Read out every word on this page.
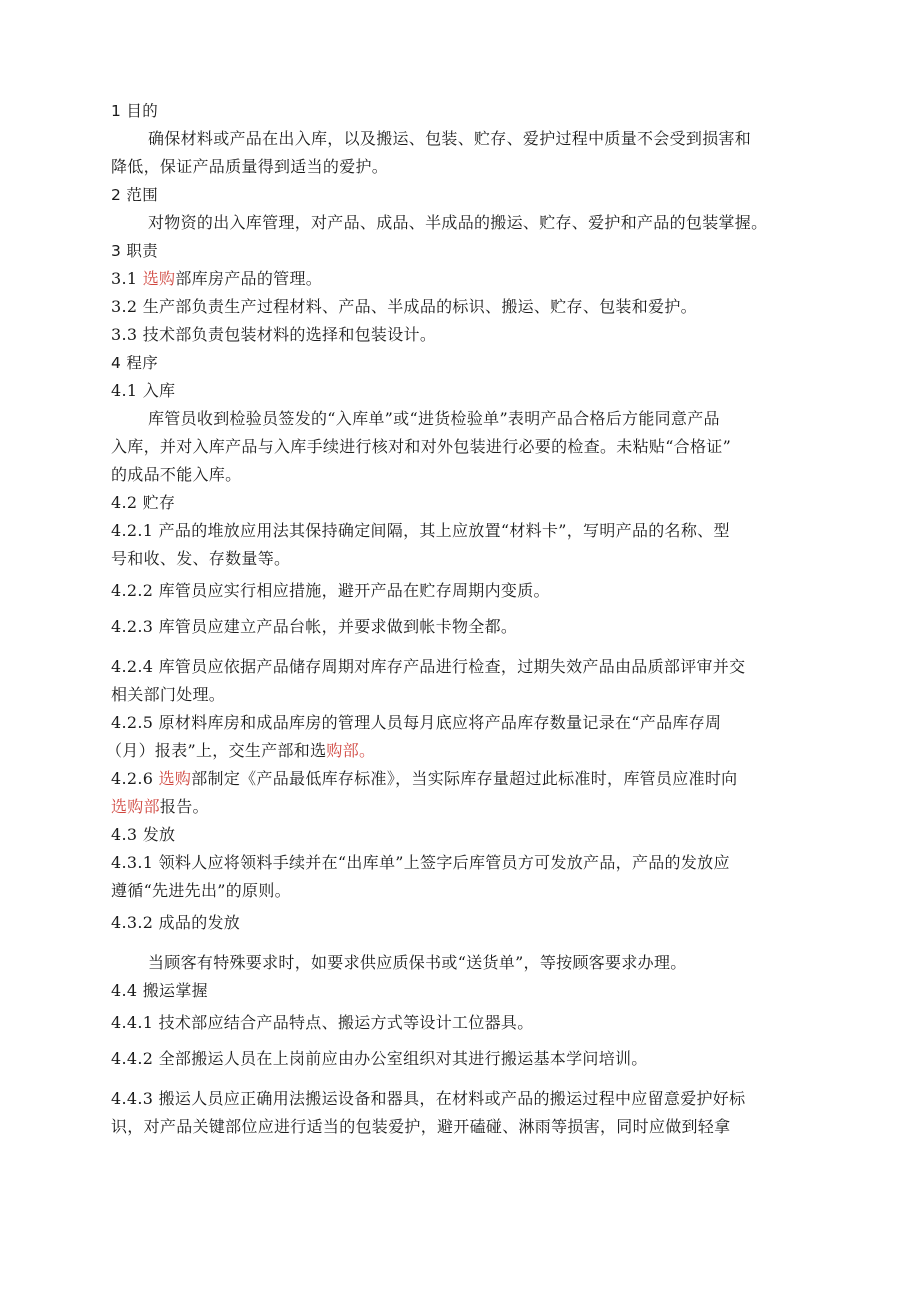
1 目的
确保材料或产品在出入库，以及搬运、包装、贮存、爱护过程中质量不会受到损害和
降低，保证产品质量得到适当的爱护。
2 范围
对物资的出入库管理，对产品、成品、半成品的搬运、贮存、爱护和产品的包装掌握。
3 职责
3.1 选购部库房产品的管理。
3.2 生产部负责生产过程材料、产品、半成品的标识、搬运、贮存、包装和爱护。
3.3 技术部负责包装材料的选择和包装设计。
4 程序
4.1 入库
库管员收到检验员签发的“入库单”或“进货检验单”表明产品合格后方能同意产品
入库，并对入库产品与入库手续进行核对和对外包装进行必要的检查。未粘贴“合格证”
的成品不能入库。
4.2 贮存
4.2.1 产品的堆放应用法其保持确定间隔，其上应放置“材料卡”，写明产品的名称、型
号和收、发、存数量等。
4.2.2 库管员应实行相应措施，避开产品在贮存周期内变质。
4.2.3 库管员应建立产品台帐，并要求做到帐卡物全都。
4.2.4 库管员应依据产品储存周期对库存产品进行检查，过期失效产品由品质部评审并交
相关部门处理。
4.2.5 原材料库房和成品库房的管理人员每月底应将产品库存数量记录在“产品库存周
（月）报表”上，交生产部和选购部。
4.2.6 选购部制定《产品最低库存标准》，当实际库存量超过此标准时，库管员应准时向
选购部报告。
4.3 发放
4.3.1 领料人应将领料手续并在“出库单”上签字后库管员方可发放产品，产品的发放应
遵循“先进先出”的原则。
4.3.2 成品的发放
当顾客有特殊要求时，如要求供应质保书或“送货单”，等按顾客要求办理。
4.4 搬运掌握
4.4.1 技术部应结合产品特点、搬运方式等设计工位器具。
4.4.2 全部搬运人员在上岗前应由办公室组织对其进行搬运基本学问培训。
4.4.3 搬运人员应正确用法搬运设备和器具，在材料或产品的搬运过程中应留意爱护好标
识，对产品关键部位应进行适当的包装爱护，避开磕碰、淋雨等损害，同时应做到轻拿
